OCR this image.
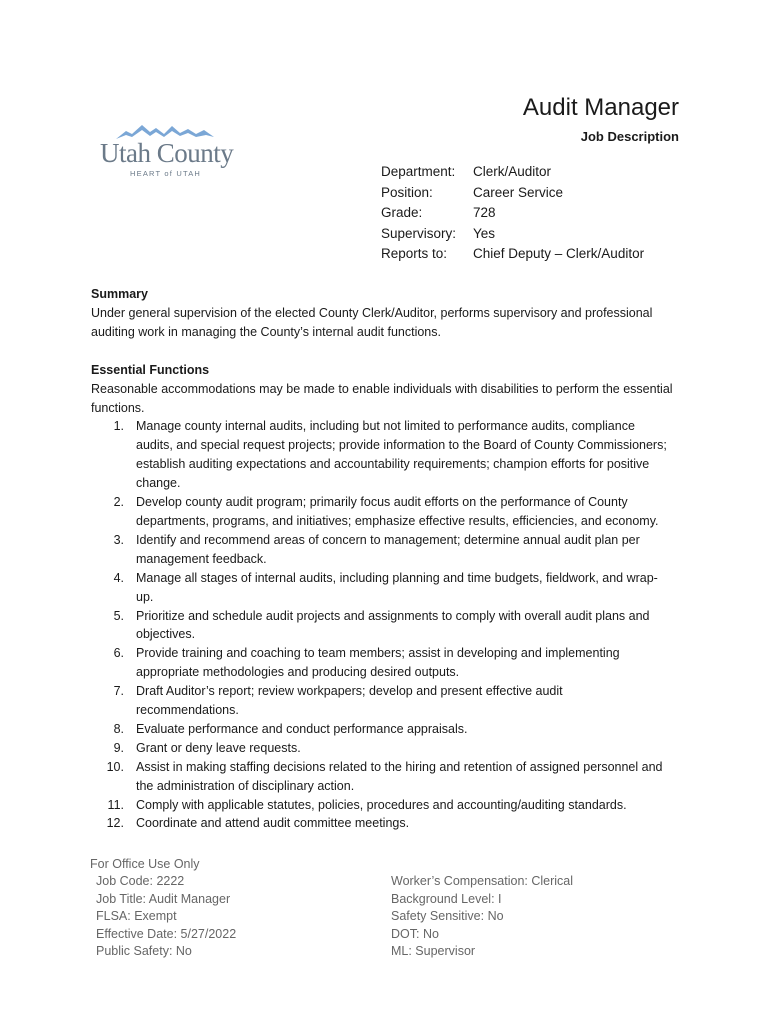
Utah County
HEART of UTAH
Audit Manager
Job Description
Department: Clerk/Auditor
Position:	Career Service
Grade:	728
Supervisory: Yes
Reports to: Chief Deputy – Clerk/Auditor
Summary
Under general supervision of the elected County Clerk/Auditor, performs supervisory and professional auditing work in managing the County’s internal audit functions.
Essential Functions
Reasonable accommodations may be made to enable individuals with disabilities to perform the essential functions.
1. Manage county internal audits, including but not limited to performance audits, compliance
audits, and special request projects; provide information to the Board of County Commissioners;
establish auditing expectations and accountability requirements; champion efforts for positive
change.
2. Develop county audit program; primarily focus audit efforts on the performance of County
departments, programs, and initiatives; emphasize effective results, efficiencies, and economy.
3. Identify and recommend areas of concern to management; determine annual audit plan per
management feedback.
4. Manage all stages of internal audits, including planning and time budgets, fieldwork, and wrap-
up.
5. Prioritize and schedule audit projects and assignments to comply with overall audit plans and
objectives.
6. Provide training and coaching to team members; assist in developing and implementing
appropriate methodologies and producing desired outputs.
7. Draft Auditor’s report; review workpapers; develop and present effective audit
recommendations.
8. Evaluate performance and conduct performance appraisals.
9. Grant or deny leave requests.
10. Assist in making staffing decisions related to the hiring and retention of assigned personnel and
the administration of disciplinary action.
11. Comply with applicable statutes, policies, procedures and accounting/auditing standards.
12. Coordinate and attend audit committee meetings.
For Office Use Only
Job Code: 2222
Job Title: Audit Manager
FLSA: Exempt
Effective Date: 5/27/2022
Public Safety: No
Worker’s Compensation: Clerical
Background Level: I
Safety Sensitive: No
DOT: No
ML: Supervisor
